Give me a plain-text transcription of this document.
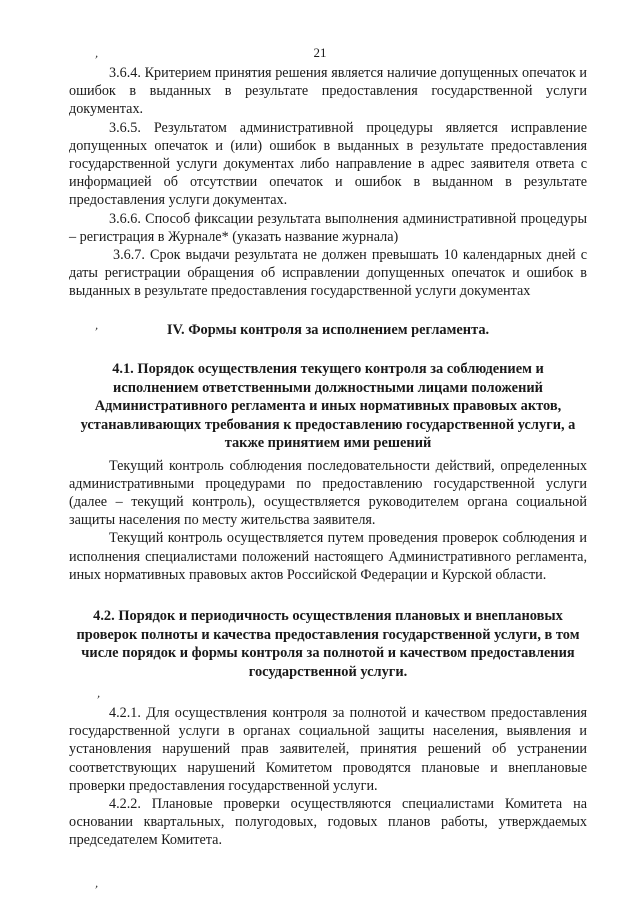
21
,
,
,
,

3.6.4. Критерием принятия решения является наличие допущенных опечаток и ошибок в выданных в результате предоставления государственной услуги документах.

3.6.5. Результатом административной процедуры является исправление допущенных опечаток и (или) ошибок в выданных в результате предоставления государственной услуги документах либо направление в адрес заявителя ответа с информацией об отсутствии опечаток и ошибок в выданном в результате предоставления услуги документах.

3.6.6. Способ фиксации результата выполнения административной процедуры – регистрация в Журнале* (указать название журнала)

3.6.7. Срок выдачи результата не должен превышать 10 календарных дней с даты регистрации обращения об исправлении допущенных опечаток и ошибок в выданных в результате предоставления государственной услуги документах

IV. Формы контроля за исполнением регламента.

4.1. Порядок осуществления текущего контроля за соблюдением и исполнением ответственными должностными лицами положений Административного регламента и иных нормативных правовых актов, устанавливающих требования к предоставлению государственной услуги, а также принятием ими решений

Текущий контроль соблюдения последовательности действий, определенных административными процедурами по предоставлению государственной услуги (далее – текущий контроль), осуществляется руководителем органа социальной защиты населения по месту жительства заявителя.

Текущий контроль осуществляется путем проведения проверок соблюдения и исполнения специалистами положений настоящего Административного регламента, иных нормативных правовых актов Российской Федерации и Курской области.

4.2. Порядок и периодичность осуществления плановых и внеплановых проверок полноты и качества предоставления государственной услуги, в том числе порядок и формы контроля за полнотой и качеством предоставления государственной услуги.

4.2.1. Для осуществления контроля за полнотой и качеством предоставления государственной услуги в органах социальной защиты населения, выявления и установления нарушений прав заявителей, принятия решений об устранении соответствующих нарушений Комитетом проводятся плановые и внеплановые проверки предоставления государственной услуги.

4.2.2. Плановые проверки осуществляются специалистами Комитета на основании квартальных, полугодовых, годовых планов работы, утверждаемых председателем Комитета.
